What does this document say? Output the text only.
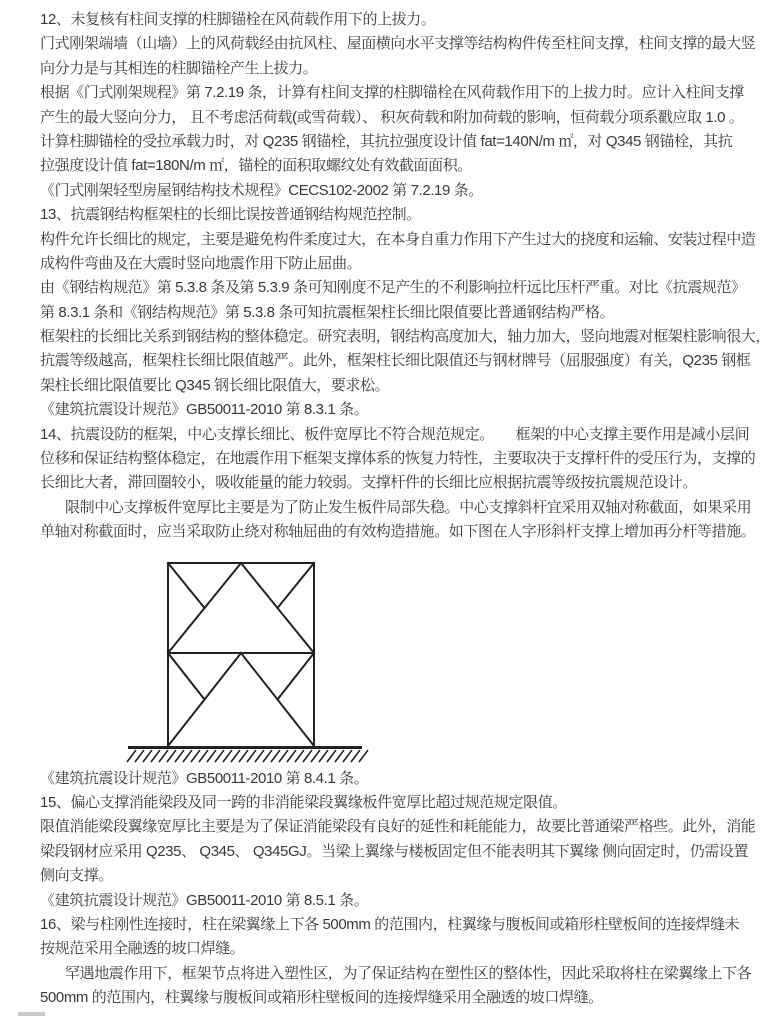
12、未复核有柱间支撑的柱脚锚栓在风荷载作用下的上拔力。
门式刚架端墙（山墙）上的风荷载经由抗风柱、屋面横向水平支撑等结构构件传至柱间支撑，柱间支撑的最大竖
向分力是与其相连的柱脚锚栓产生上拔力。
根据《门式刚架规程》第 7.2.19 条，计算有柱间支撑的柱脚锚栓在风荷载作用下的上拔力时。应计入柱间支撑
产生的最大竖向分力， 且不考虑活荷载(或雪荷载）、 积灰荷载和附加荷载的影响，恒荷载分项系戳应取 1.0 。
计算柱脚锚栓的受拉承载力时，对 Q235 钢锚栓，其抗拉强度设计值 fat=140N/m ㎡，对 Q345 钢锚栓，其抗
拉强度设计值 fat=180N/m ㎡，锚栓的面积取螺纹处有效截面面积。
《门式刚架轻型房屋钢结构技术规程》CECS102-2002 第 7.2.19 条。
13、抗震钢结构框架柱的长细比误按普通钢结构规范控制。
构件允许长细比的规定，主要是避免构件柔度过大，在本身自重力作用下产生过大的挠度和运输、安装过程中造
成构件弯曲及在大震时竖向地震作用下防止屈曲。
由《钢结构规范》第 5.3.8 条及第 5.3.9 条可知刚度不足产生的不利影响拉杆远比压杆严重。对比《抗震规范》
第 8.3.1 条和《钢结构规范》第 5.3.8 条可知抗震框架柱长细比限值要比普通钢结构严格。
框架柱的长细比关系到钢结构的整体稳定。研究表明，钢结构高度加大，轴力加大，竖向地震对框架柱影响很大，
抗震等级越高，框架柱长细比限值越严。此外，框架柱长细比限值还与钢材牌号（屈服强度）有关，Q235 钢框
架柱长细比限值要比 Q345 钢长细比限值大，要求松。
《建筑抗震设计规范》GB50011-2010 第 8.3.1 条。
14、抗震设防的框架，中心支撑长细比、板件宽厚比不符合规范规定。　　框架的中心支撑主要作用是减小层间
位移和保证结构整体稳定，在地震作用下框架支撑体系的恢复力特性，主要取决于支撑杆件的受压行为，支撑的
长细比大者，滞回圈较小，吸收能量的能力较弱。支撑杆件的长细比应根据抗震等级按抗震规范设计。
限制中心支撑板件宽厚比主要是为了防止发生板件局部失稳。中心支撑斜杆宜采用双轴对称截面，如果采用
单轴对称截面时，应当采取防止绕对称轴屈曲的有效构造措施。如下图在人字形斜杆支撑上增加再分杆等措施。
《建筑抗震设计规范》GB50011-2010 第 8.4.1 条。
15、偏心支撑消能梁段及同一跨的非消能梁段翼缘板件宽厚比超过规范规定限值。
限值消能梁段翼缘宽厚比主要是为了保证消能梁段有良好的延性和耗能能力，故要比普通梁严格些。此外，消能
梁段钢材应采用 Q235、 Q345、 Q345GJ。当梁上翼缘与楼板固定但不能表明其下翼缘 侧向固定时，仍需设置
侧向支撑。
《建筑抗震设计规范》GB50011-2010 第 8.5.1 条。
16、梁与柱刚性连接时，柱在梁翼缘上下各 500mm 的范围内，柱翼缘与腹板间或箱形柱壁板间的连接焊缝未
按规范采用全融透的坡口焊缝。
罕遇地震作用下，框架节点将进入塑性区，为了保证结构在塑性区的整体性，因此采取将柱在梁翼缘上下各
500mm 的范围内，柱翼缘与腹板间或箱形柱壁板间的连接焊缝采用全融透的坡口焊缝。
